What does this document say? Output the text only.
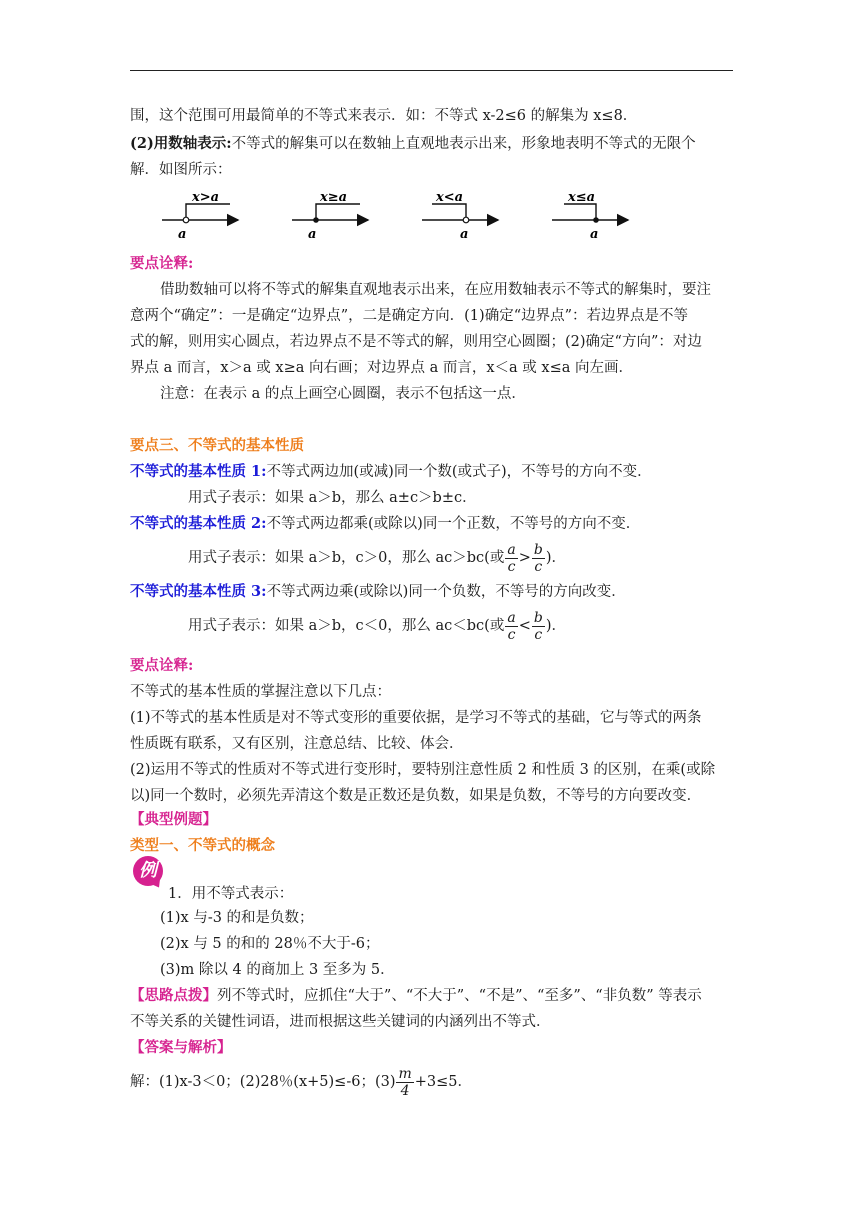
围，这个范围可用最简单的不等式来表示．如：不等式 x-2≤6 的解集为 x≤8．
(2)用数轴表示:不等式的解集可以在数轴上直观地表示出来，形象地表明不等式的无限个
解．如图所示：
x>a
a
x≥a
a
x<a
a
x≤a
a
要点诠释:
借助数轴可以将不等式的解集直观地表示出来，在应用数轴表示不等式的解集时，要注
意两个“确定”：一是确定“边界点”，二是确定方向．(1)确定“边界点”：若边界点是不等
式的解，则用实心圆点，若边界点不是不等式的解，则用空心圆圈；(2)确定“方向”：对边
界点 a 而言，x＞a 或 x≥a 向右画；对边界点 a 而言，x＜a 或 x≤a 向左画．
注意：在表示 a 的点上画空心圆圈，表示不包括这一点．
要点三、不等式的基本性质
不等式的基本性质 1:不等式两边加(或减)同一个数(或式子)，不等号的方向不变．
用式子表示：如果 a＞b，那么 a±c＞b±c．
不等式的基本性质 2:不等式两边都乘(或除以)同一个正数，不等号的方向不变．
用式子表示：如果 a＞b，c＞0，那么 ac＞bc(或 $\frac{a}{c} > \frac{b}{c}$ )．
不等式的基本性质 3:不等式两边乘(或除以)同一个负数，不等号的方向改变．
用式子表示：如果 a＞b，c＜0，那么 ac＜bc(或 $\frac{a}{c} < \frac{b}{c}$ )．
要点诠释:
不等式的基本性质的掌握注意以下几点：
(1)不等式的基本性质是对不等式变形的重要依据，是学习不等式的基础，它与等式的两条
性质既有联系，又有区别，注意总结、比较、体会．
(2)运用不等式的性质对不等式进行变形时，要特别注意性质 2 和性质 3 的区别，在乘(或除
以)同一个数时，必须先弄清这个数是正数还是负数，如果是负数，不等号的方向要改变．
【典型例题】
类型一、不等式的概念
例
1．用不等式表示：
(1)x 与-3 的和是负数；
(2)x 与 5 的和的 28％不大于-6；
(3)m 除以 4 的商加上 3 至多为 5．
【思路点拨】列不等式时，应抓住“大于”、“不大于”、“不是”、“至多”、“非负数” 等表示
不等关系的关键性词语，进而根据这些关键词的内涵列出不等式．
【答案与解析】
解：(1)x-3＜0；(2)28％(x+5)≤-6；$(3) \frac{m}{4} +3\le 5$．
